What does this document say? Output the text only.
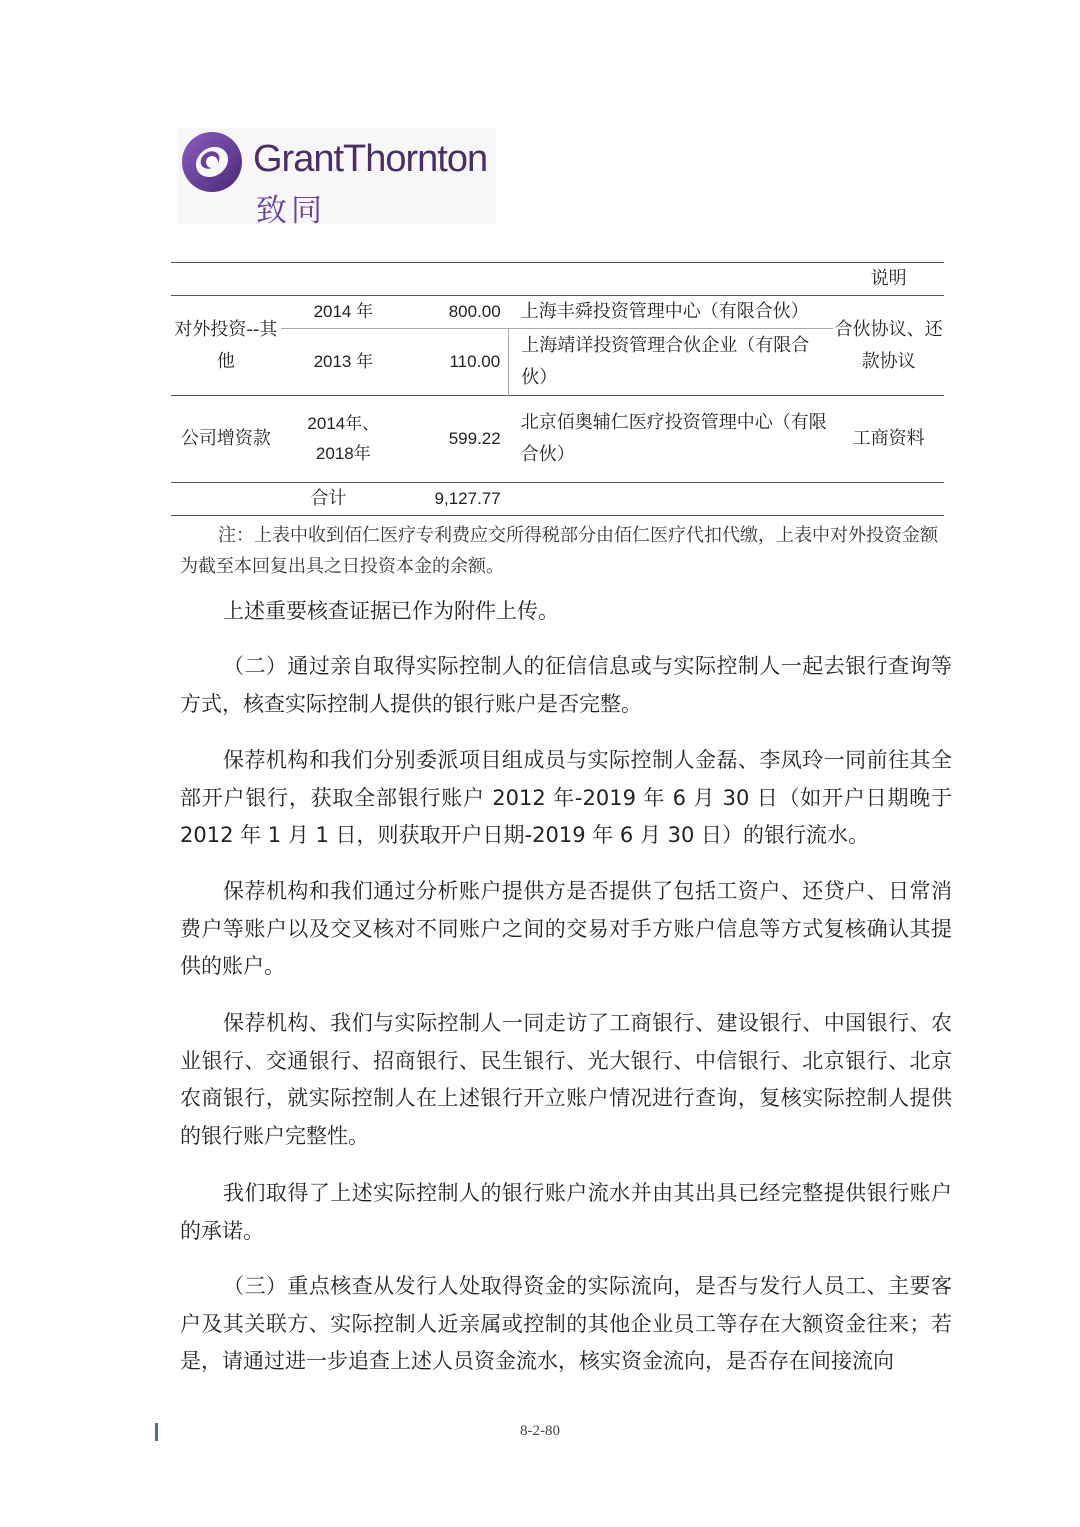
GrantThornton
致同
				说明
对外投资--其他	2014 年	800.00	上海丰舜投资管理中心（有限合伙）	合伙协议、还款协议
	2013 年	110.00	上海靖详投资管理合伙企业（有限合伙）	
公司增资款	2014年、2018年	599.22	北京佰奥辅仁医疗投资管理中心（有限合伙）	工商资料
合计		9,127.77		
注：上表中收到佰仁医疗专利费应交所得税部分由佰仁医疗代扣代缴，上表中对外投资金额为截至本回复出具之日投资本金的余额。
上述重要核查证据已作为附件上传。
（二）通过亲自取得实际控制人的征信信息或与实际控制人一起去银行查询等方式，核查实际控制人提供的银行账户是否完整。
保荐机构和我们分别委派项目组成员与实际控制人金磊、李凤玲一同前往其全部开户银行，获取全部银行账户 2012 年-2019 年 6 月 30 日（如开户日期晚于 2012 年 1 月 1 日，则获取开户日期-2019 年 6 月 30 日）的银行流水。
保荐机构和我们通过分析账户提供方是否提供了包括工资户、还贷户、日常消费户等账户以及交叉核对不同账户之间的交易对手方账户信息等方式复核确认其提供的账户。
保荐机构、我们与实际控制人一同走访了工商银行、建设银行、中国银行、农业银行、交通银行、招商银行、民生银行、光大银行、中信银行、北京银行、北京农商银行，就实际控制人在上述银行开立账户情况进行查询，复核实际控制人提供的银行账户完整性。
我们取得了上述实际控制人的银行账户流水并由其出具已经完整提供银行账户的承诺。
（三）重点核查从发行人处取得资金的实际流向，是否与发行人员工、主要客户及其关联方、实际控制人近亲属或控制的其他企业员工等存在大额资金往来；若是，请通过进一步追查上述人员资金流水，核实资金流向，是否存在间接流向
8-2-80
